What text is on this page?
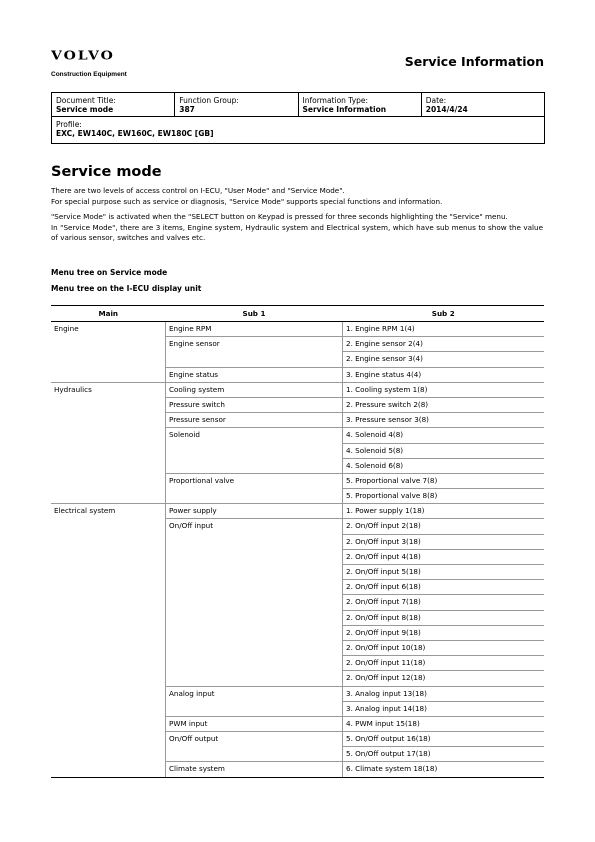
VOLVO
Construction Equipment
Service Information
Document Title:
Service mode
Function Group:
387
Information Type:
Service Information
Date:
2014/4/24
Profile:
EXC, EW140C, EW160C, EW180C [GB]
Service mode
There are two levels of access control on I-ECU, "User Mode" and "Service Mode".
For special purpose such as service or diagnosis, "Service Mode" supports special functions and information.
"Service Mode" is activated when the "SELECT button on Keypad is pressed for three seconds highlighting the "Service" menu.
In "Service Mode", there are 3 items, Engine system, Hydraulic system and Electrical system, which have sub menus to show the value of various sensor, switches and valves etc.
Menu tree on Service mode
Menu tree on the I-ECU display unit
Main	Sub 1	Sub 2
Engine	Engine RPM	1. Engine RPM 1(4)
	Engine sensor	2. Engine sensor 2(4)
		2. Engine sensor 3(4)
	Engine status	3. Engine status 4(4)
Hydraulics	Cooling system	1. Cooling system 1(8)
	Pressure switch	2. Pressure switch 2(8)
	Pressure sensor	3. Pressure sensor 3(8)
	Solenoid	4. Solenoid 4(8)
		4. Solenoid 5(8)
		4. Solenoid 6(8)
	Proportional valve	5. Proportional valve 7(8)
		5. Proportional valve 8(8)
Electrical system	Power supply	1. Power supply 1(18)
	On/Off input	2. On/Off input 2(18)
		2. On/Off input 3(18)
		2. On/Off input 4(18)
		2. On/Off input 5(18)
		2. On/Off input 6(18)
		2. On/Off input 7(18)
		2. On/Off input 8(18)
		2. On/Off input 9(18)
		2. On/Off input 10(18)
		2. On/Off input 11(18)
		2. On/Off input 12(18)
	Analog input	3. Analog input 13(18)
		3. Analog input 14(18)
	PWM input	4. PWM input 15(18)
	On/Off output	5. On/Off output 16(18)
		5. On/Off output 17(18)
	Climate system	6. Climate system 18(18)
